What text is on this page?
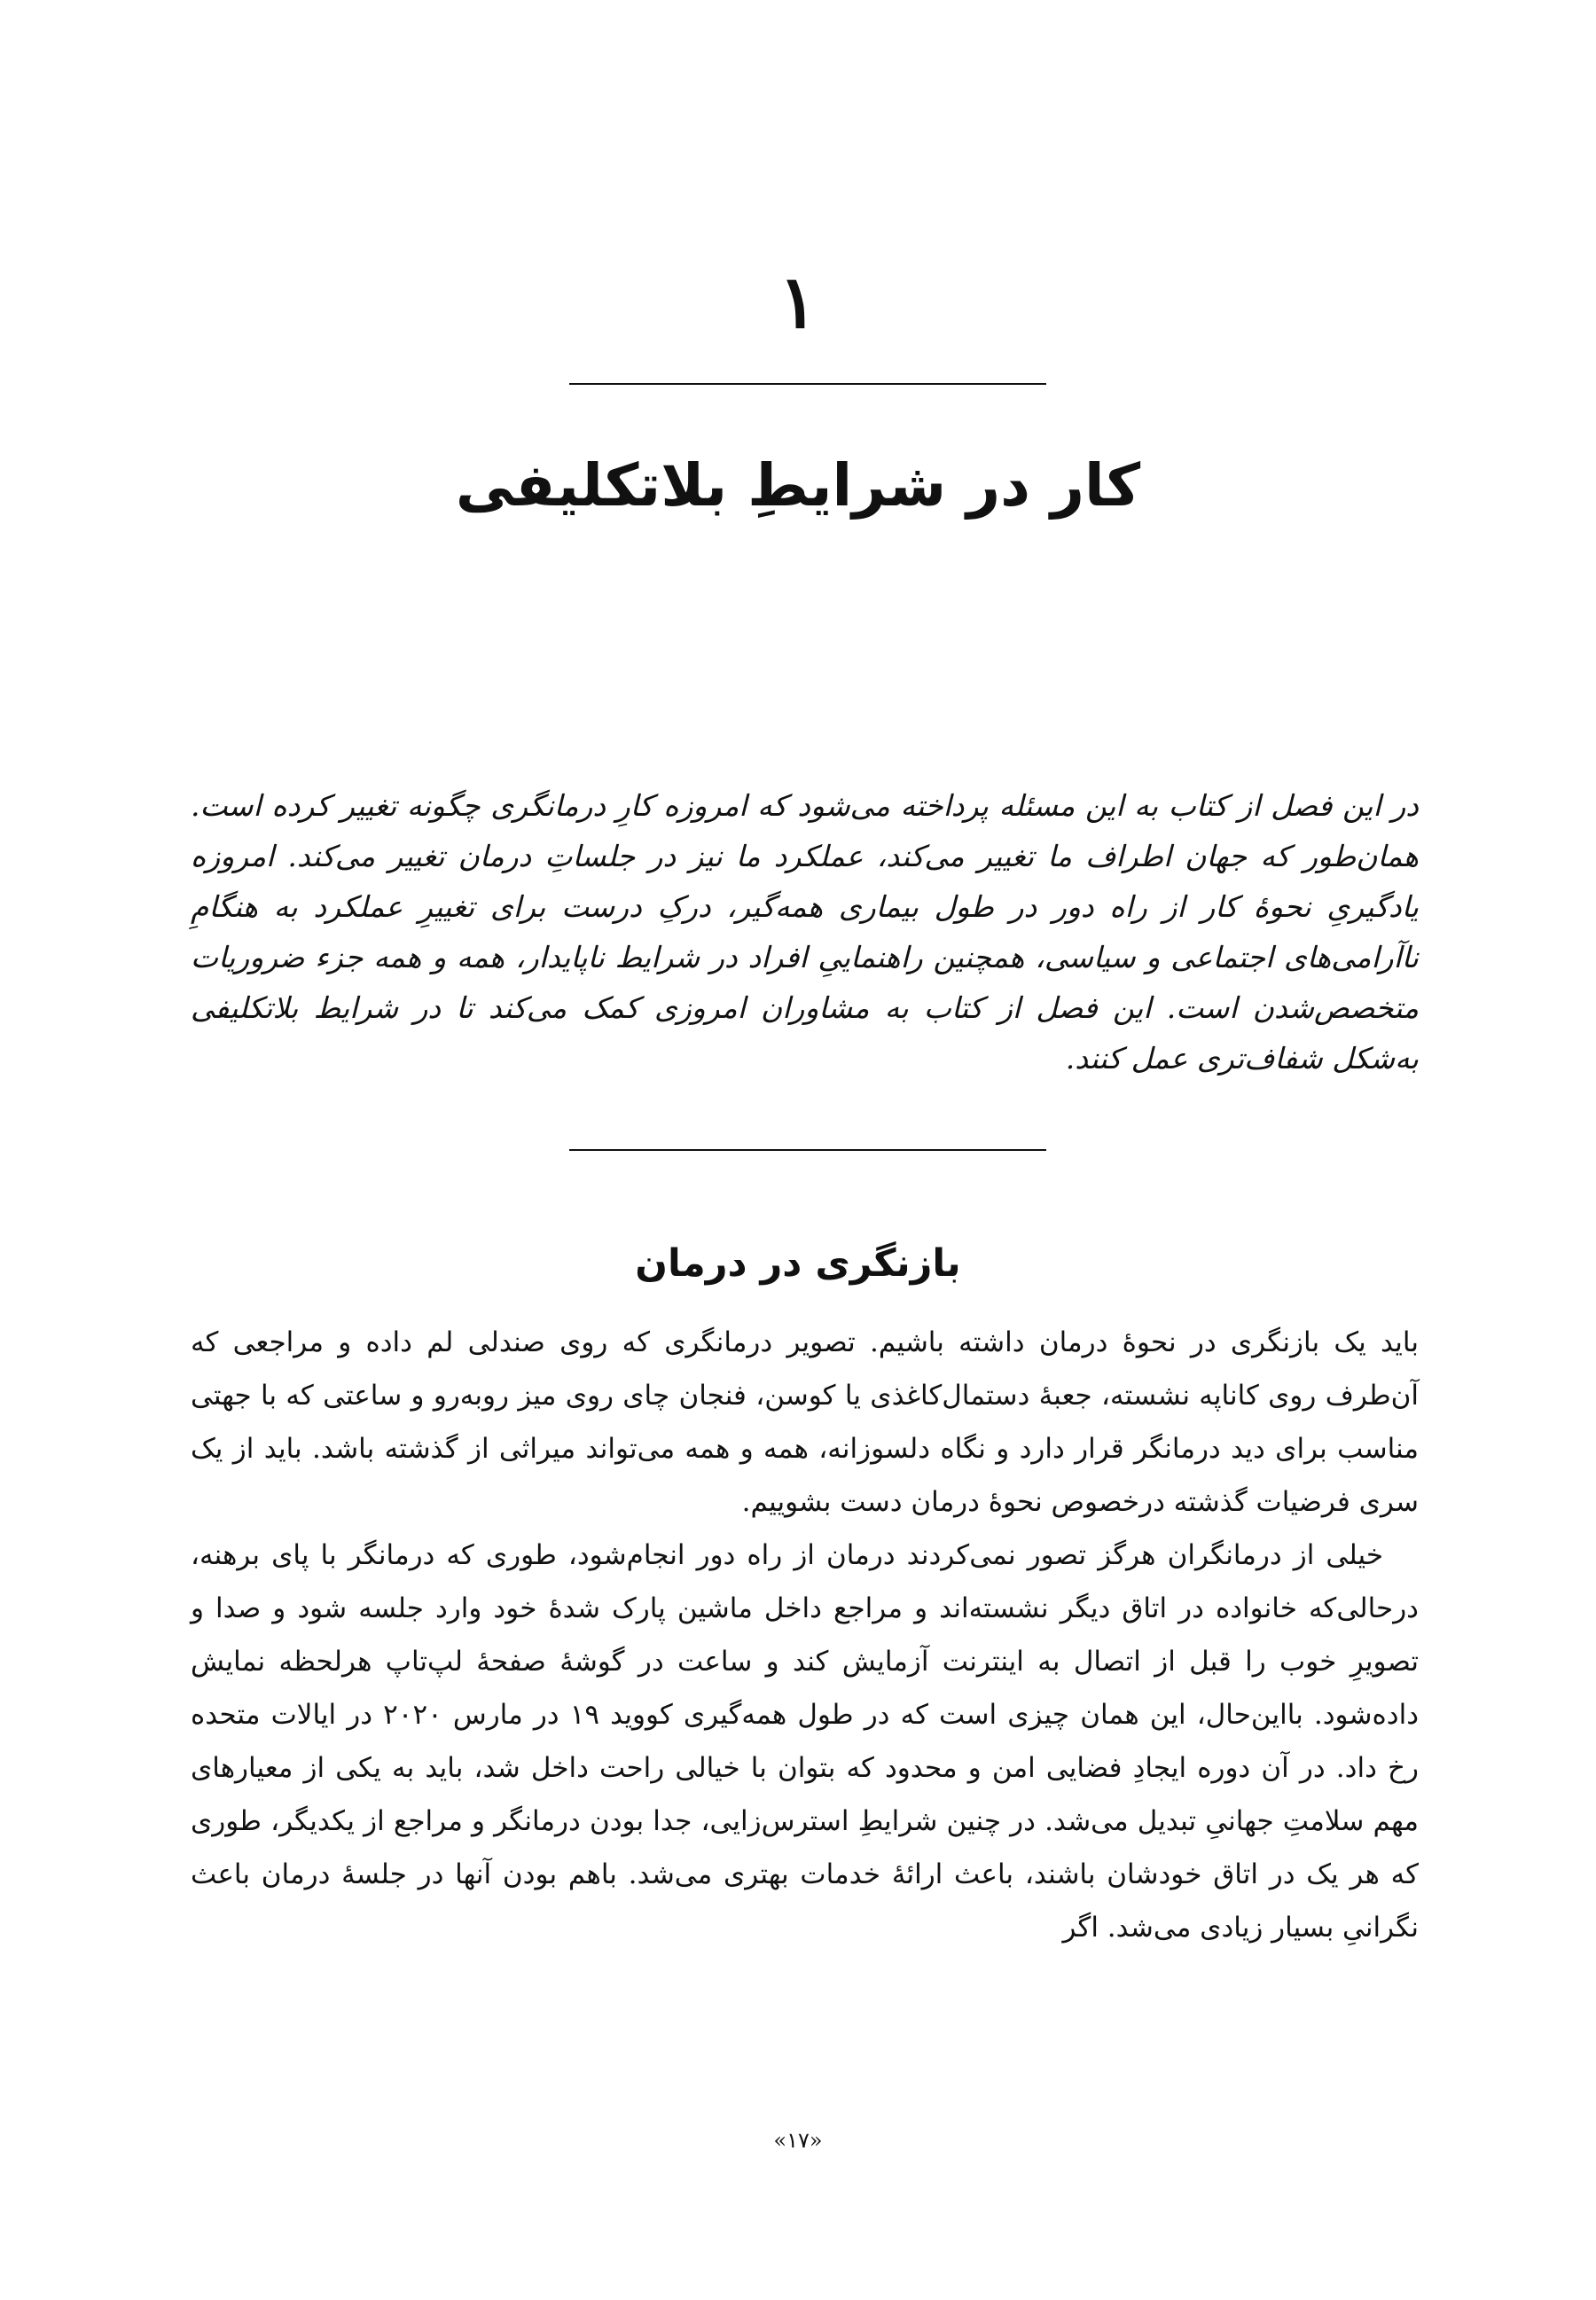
۱
کار در شرایطِ بلاتکلیفی

در این فصل از کتاب به این مسئله پرداخته می‌شود که امروزه کارِ درمانگری چگونه تغییر کرده است. همان‌طور که جهان اطراف ما تغییر می‌کند، عملکرد ما نیز در جلساتِ درمان تغییر می‌کند. امروزه یادگیریِ نحوهٔ کار از راه دور در طول بیماری همه‌گیر، درکِ درست برای تغییرِ عملکرد به هنگامِ ناآرامی‌های اجتماعی و سیاسی، همچنین راهنماییِ افراد در شرایط ناپایدار، همه و همه جزء ضروریات متخصص‌شدن است. این فصل از کتاب به مشاوران امروزی کمک می‌کند تا در شرایط بلاتکلیفی به‌شکل شفاف‌تری عمل کنند.

بازنگری در درمان

باید یک بازنگری در نحوهٔ درمان داشته باشیم. تصویر درمانگری که روی صندلی لم داده و مراجعی که آن‌طرف روی کاناپه نشسته، جعبهٔ دستمال‌کاغذی یا کوسن، فنجان چای روی میز روبه‌رو و ساعتی که با جهتی مناسب برای دید درمانگر قرار دارد و نگاه دلسوزانه، همه و همه می‌تواند میراثی از گذشته باشد. باید از یک سری فرضیات گذشته درخصوص نحوهٔ درمان دست بشوییم.

خیلی از درمانگران هرگز تصور نمی‌کردند درمان از راه دور انجام‌شود، طوری که درمانگر با پای برهنه، درحالی‌که خانواده در اتاق دیگر نشسته‌اند و مراجع داخل ماشین پارک شدهٔ خود وارد جلسه شود و صدا و تصویرِ خوب را قبل از اتصال به اینترنت آزمایش کند و ساعت در گوشهٔ صفحهٔ لپ‌تاپ هرلحظه نمایش داده‌شود. بااین‌حال، این همان چیزی است که در طول همه‌گیری کووید ۱۹ در مارس ۲۰۲۰ در ایالات متحده رخ داد. در آن دوره ایجادِ فضایی امن و محدود که بتوان با خیالی راحت داخل شد، باید به یکی از معیارهای مهم سلامتِ جهانیِ تبدیل می‌شد. در چنین شرایطِ استرس‌زایی، جدا بودن درمانگر و مراجع از یکدیگر، طوری که هر یک در اتاق خودشان باشند، باعث ارائهٔ خدمات بهتری می‌شد. باهم بودن آنها در جلسهٔ درمان باعث نگرانیِ بسیار زیادی می‌شد. اگر

«۱۷»
